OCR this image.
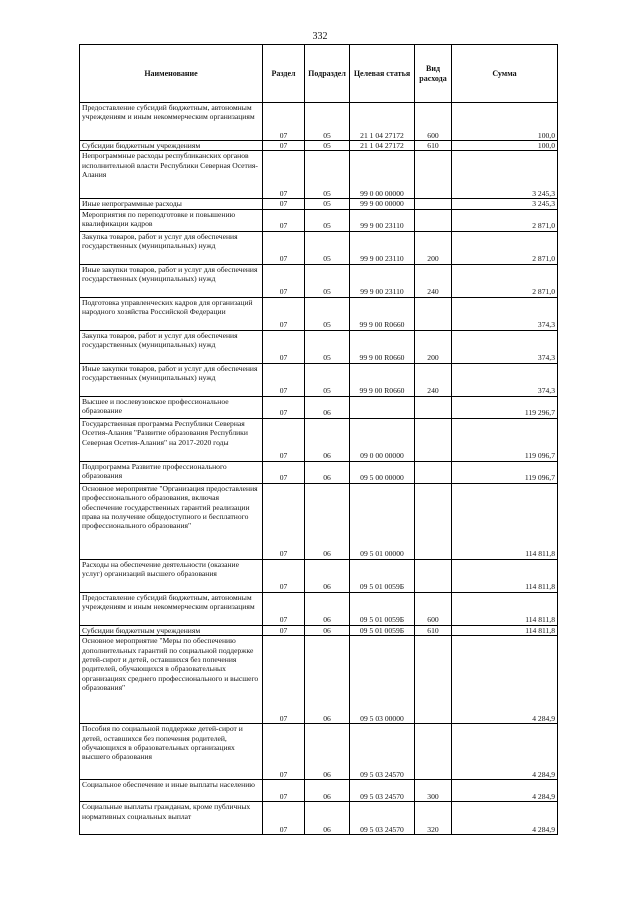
332
Наименование	Раздел	Подраздел	Целевая статья	Вид расхода	Сумма
Предоставление субсидий бюджетным, автономным учреждениям и иным некоммерческим организациям	07	05	21 1 04 27172	600	100,0
Субсидии бюджетным учреждениям	07	05	21 1 04 27172	610	100,0
Непрограммные расходы республиканских органов исполнительной власти Республики Северная Осетия-Алания	07	05	99 0 00 00000		3 245,3
Иные непрограммные расходы	07	05	99 9 00 00000		3 245,3
Мероприятия по переподготовке и повышению квалификации кадров	07	05	99 9 00 23110		2 871,0
Закупка товаров, работ и услуг для обеспечения государственных (муниципальных) нужд	07	05	99 9 00 23110	200	2 871,0
Иные закупки товаров, работ и услуг для обеспечения государственных (муниципальных) нужд	07	05	99 9 00 23110	240	2 871,0
Подготовка управленческих кадров для организаций народного хозяйства Российской Федерации	07	05	99 9 00 R0660		374,3
Закупка товаров, работ и услуг для обеспечения государственных (муниципальных) нужд	07	05	99 9 00 R0660	200	374,3
Иные закупки товаров, работ и услуг для обеспечения государственных (муниципальных) нужд	07	05	99 9 00 R0660	240	374,3
Высшее и послевузовское профессиональное образование	07	06			119 296,7
Государственная программа Республики Северная Осетия-Алания "Развитие образования Республики Северная Осетия-Алания" на 2017-2020 годы	07	06	09 0 00 00000		119 096,7
Подпрограмма Развитие профессионального образования	07	06	09 5 00 00000		119 096,7
Основное мероприятие "Организация предоставления профессионального образования, включая обеспечение государственных гарантий реализации права на получение общедоступного и бесплатного профессионального образования"	07	06	09 5 01 00000		114 811,8
Расходы на обеспечение деятельности (оказание услуг) организаций высшего образования	07	06	09 5 01 0059Б		114 811,8
Предоставление субсидий бюджетным, автономным учреждениям и иным некоммерческим организациям	07	06	09 5 01 0059Б	600	114 811,8
Субсидии бюджетным учреждениям	07	06	09 5 01 0059Б	610	114 811,8
Основное мероприятие "Меры по обеспечению дополнительных гарантий по социальной поддержке детей-сирот и детей, оставшихся без попечения родителей, обучающихся в образовательных организациях среднего профессионального и высшего образования"	07	06	09 5 03 00000		4 284,9
Пособия по социальной поддержке детей-сирот и детей, оставшихся без попечения родителей, обучающихся в образовательных организациях высшего образования	07	06	09 5 03 24570		4 284,9
Социальное обеспечение и иные выплаты населению	07	06	09 5 03 24570	300	4 284,9
Социальные выплаты гражданам, кроме публичных нормативных социальных выплат	07	06	09 5 03 24570	320	4 284,9
